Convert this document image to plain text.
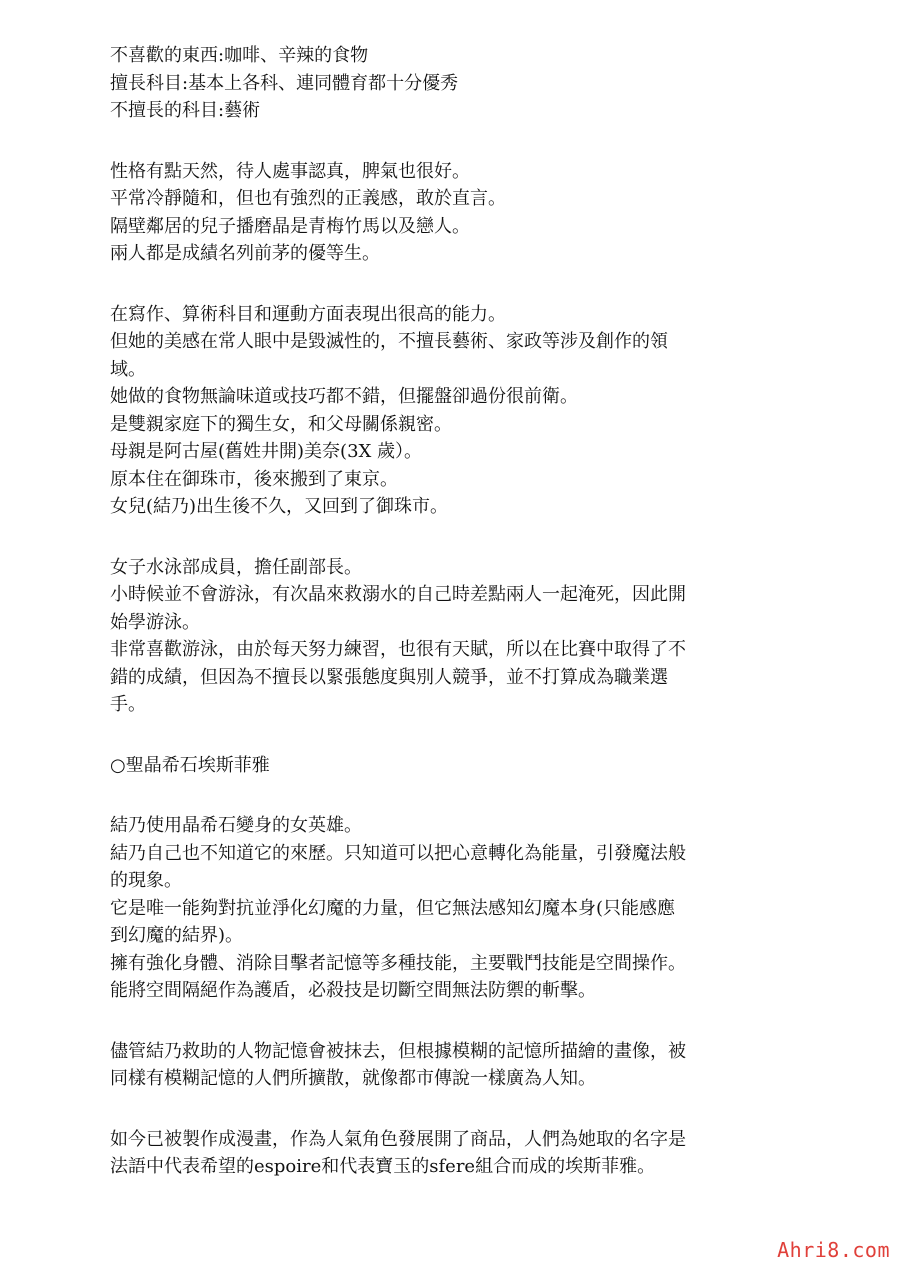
不喜歡的東西:咖啡、辛辣的食物
擅長科目:基本上各科、連同體育都十分優秀
不擅長的科目:藝術
性格有點天然，待人處事認真，脾氣也很好。
平常冷靜隨和，但也有強烈的正義感，敢於直言。
隔壁鄰居的兒子播磨晶是青梅竹馬以及戀人。
兩人都是成績名列前茅的優等生。
在寫作、算術科目和運動方面表現出很高的能力。
但她的美感在常人眼中是毀滅性的，不擅長藝術、家政等涉及創作的領
域。
她做的食物無論味道或技巧都不錯，但擺盤卻過份很前衛。
是雙親家庭下的獨生女，和父母關係親密。
母親是阿古屋(舊姓井開)美奈(3X 歲）。
原本住在御珠市，後來搬到了東京。
女兒(結乃)出生後不久，又回到了御珠市。
女子水泳部成員，擔任副部長。
小時候並不會游泳，有次晶來救溺水的自己時差點兩人一起淹死，因此開
始學游泳。
非常喜歡游泳，由於每天努力練習，也很有天賦，所以在比賽中取得了不
錯的成績，但因為不擅長以緊張態度與別人競爭，並不打算成為職業選
手。
○聖晶希石埃斯菲雅
結乃使用晶希石變身的女英雄。
結乃自己也不知道它的來歷。只知道可以把心意轉化為能量，引發魔法般
的現象。
它是唯一能夠對抗並淨化幻魔的力量，但它無法感知幻魔本身(只能感應
到幻魔的結界)。
擁有強化身體、消除目擊者記憶等多種技能，主要戰鬥技能是空間操作。
能將空間隔絕作為護盾，必殺技是切斷空間無法防禦的斬擊。
儘管結乃救助的人物記憶會被抹去，但根據模糊的記憶所描繪的畫像，被
同樣有模糊記憶的人們所擴散，就像都市傳說一樣廣為人知。
如今已被製作成漫畫，作為人氣角色發展開了商品，人們為她取的名字是
法語中代表希望的espoire和代表寶玉的sfere組合而成的埃斯菲雅。
Ahri8.com
